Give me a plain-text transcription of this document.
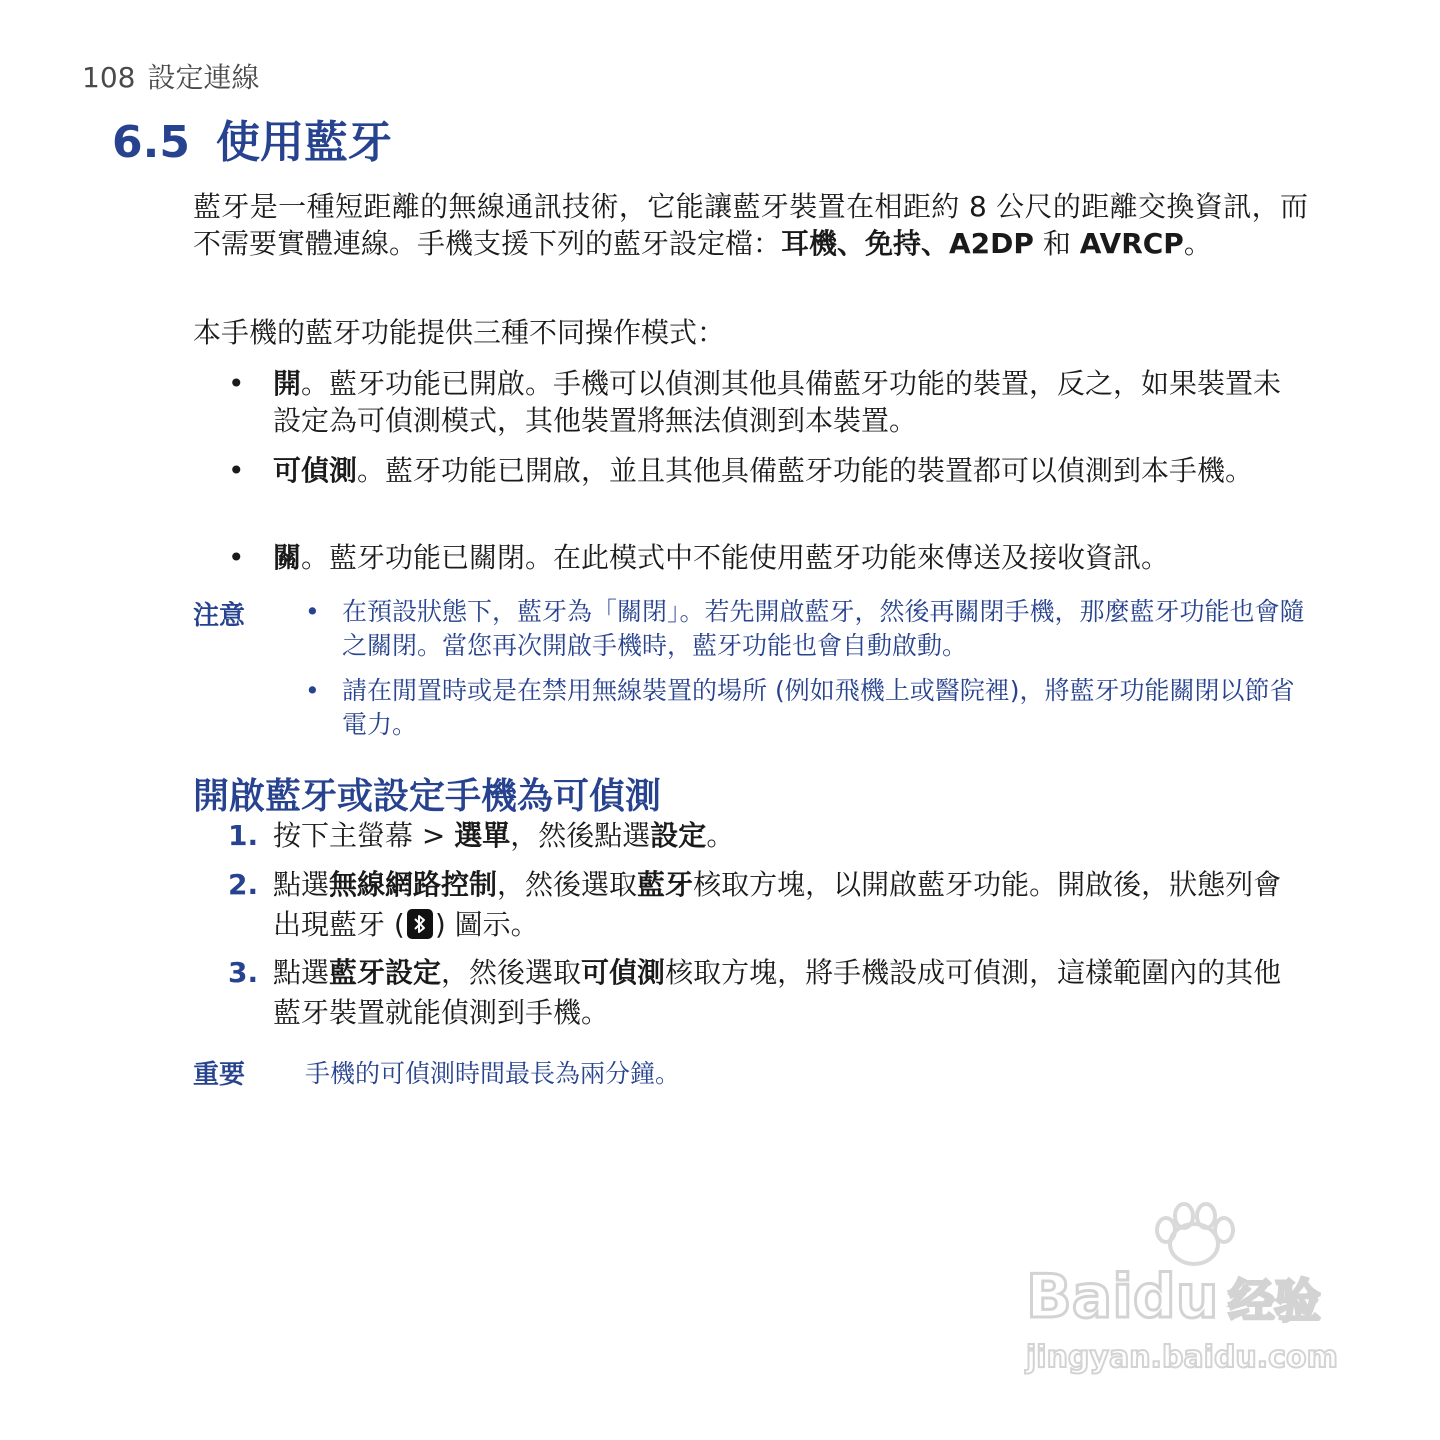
108 設定連線
6.5 使用藍牙
藍牙是一種短距離的無線通訊技術，它能讓藍牙裝置在相距約 8 公尺的距離交換資訊，而不需要實體連線。手機支援下列的藍牙設定檔：耳機、免持、A2DP 和 AVRCP。
本手機的藍牙功能提供三種不同操作模式：
• 開。藍牙功能已開啟。手機可以偵測其他具備藍牙功能的裝置，反之，如果裝置未設定為可偵測模式，其他裝置將無法偵測到本裝置。
• 可偵測。藍牙功能已開啟，並且其他具備藍牙功能的裝置都可以偵測到本手機。
• 關。藍牙功能已關閉。在此模式中不能使用藍牙功能來傳送及接收資訊。
注意 • 在預設狀態下，藍牙為「關閉」。若先開啟藍牙，然後再關閉手機，那麼藍牙功能也會隨之關閉。當您再次開啟手機時，藍牙功能也會自動啟動。
• 請在閒置時或是在禁用無線裝置的場所 (例如飛機上或醫院裡)，將藍牙功能關閉以節省電力。
開啟藍牙或設定手機為可偵測
1. 按下主螢幕 > 選單，然後點選設定。
2. 點選無線網路控制，然後選取藍牙核取方塊，以開啟藍牙功能。開啟後，狀態列會出現藍牙 ( ) 圖示。
3. 點選藍牙設定，然後選取可偵測核取方塊，將手機設成可偵測，這樣範圍內的其他藍牙裝置就能偵測到手機。
重要 手機的可偵測時間最長為兩分鐘。
Baidu 经验
jingyan.baidu.com
